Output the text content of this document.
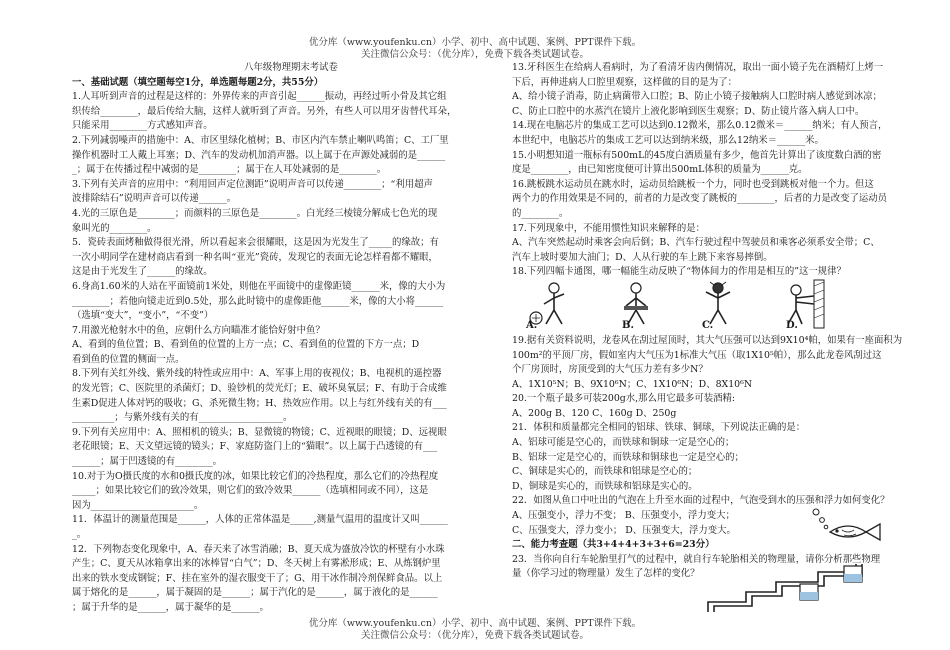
优分库（www.youfenku.cn）小学、初中、高中试题、案例、PPT课件下载。
关注微信公众号：（优分库），免费下载各类试题试卷。

八年级物理期末考试卷

一、基础试题（填空题每空1分，单选题每题2分，共55分）

1.人耳听到声音的过程是这样的：外界传来的声音引起______振动，再经过听小骨及其它组

织传给________，最后传给大脑，这样人就听到了声音。另外，有些人可以用牙齿替代耳朵，

只能采用________方式感知声音。

2.下列减弱噪声的措施中：A、市区里绿化植树；B、市区内汽车禁止喇叭鸣笛；C、工厂里

操作机器时工人戴上耳塞；D、汽车的发动机加消声器。以上属于在声源处减弱的是______

_；属于在传播过程中减弱的是________；属于在人耳处减弱的是________。

3.下列有关声音的应用中：“利用回声定位测距”说明声音可以传递________；“利用超声

波排除结石”说明声音可以传递______。

4.光的三原色是________；而颜料的三原色是________。白光经三棱镜分解成七色光的现

象叫光的________。

5．瓷砖表面烤釉做得很光滑，所以看起来会很耀眼，这是因为光发生了_____的缘故；有

一次小明同学在建材商店看到一种名叫“亚光”瓷砖，发现它的表面无论怎样看都不耀眼，

这是由于光发生了______的缘故。

6.身高1.60米的人站在平面镜前1米处，则他在平面镜中的虚像距镜______米，像的大小为

________；若他向镜走近到0.5处，那么此时镜中的虚像距他______米，像的大小将______

（选填“变大”，“变小”，“不变”）

7.用激光枪射水中的鱼，应朝什么方向瞄准才能恰好射中鱼？

A、看到的鱼位置；B、看到鱼的位置的上方一点；C、看到鱼的位置的下方一点；D

看到鱼的位置的侧面一点。

8.下列有关红外线、紫外线的特性或应用中：A、军事上用的夜视仪；B、电视机的遥控器

的发光管；C、医院里的杀菌灯；D、验钞机的荧光灯；E、破坏臭氧层；F、有助于合成维

生素D促进人体对钙的吸收；G、杀死微生物；H、热效应作用。以上与红外线有关的有___

_________；与紫外线有关的有__________________。

9.下列有关应用中：A、照相机的镜头；B、显微镜的物镜；C、近视眼的眼镜；D、远视眼

老花眼镜；E、天文望远镜的镜头；F、家庭防盗门上的“猫眼”。以上属于凸透镜的有___

______；属于凹透镜的有________。

10.对于为O摄氏度的水和0摄氏度的冰，如果比较它们的冷热程度，那么它们的冷热程度

_____；如果比较它们的致冷效果，则它们的致冷效果______（选填相同或不同），这是

因为______________________。

11．体温计的测量范围是______，人体的正常体温是_____,测量气温用的温度计又叫______

_。

12．下列物态变化现象中，A、春天来了冰雪消融；B、夏天成为盛放冷饮的杯壁有小水珠

产生；C、夏天从冰箱拿出来的冰棒冒“白气”；D、冬天树上有雾凇形成；E、从炼钢炉里

出来的铁水变成钢锭；F、挂在室外的湿衣服变干了；G、用干冰作制冷剂保鲜食品。以上

属于熔化的是______，属于凝固的是______；属于汽化的是______，属于液化的是______

；属于升华的是______，属于凝华的是______。

13.牙科医生在给病人看病时，为了看清牙齿内侧情况，取出一面小镜子先在酒精灯上烤一

下后，再伸进病人口腔里观察，这样做的目的是为了：

A、给小镜子消毒，防止病菌带入口腔；B、防止小镜子接触病人口腔时病人感觉到冰凉；

C、防止口腔中的水蒸汽在镜片上液化影响到医生观察；D、防止镜片落入病人口中。

14.现在电脑芯片的集成工艺可以达到0.12微米，那么0.12微米＝______纳米；有人预言，

本世纪中，电脑芯片的集成工艺可以达到纳米级，那么12纳米＝______米。

15.小明想知道一瓶标有500mL的45度白酒质量有多少，他首先计算出了该度数白酒的密

度是________，由已知密度便可计算出500mL体积的质量为______克。

16.跳板跳水运动员在跳水时，运动员给跳板一个力，同时也受到跳板对他一个力。但这

两个力的作用效果是不同的，前者的力是改变了跳板的________，后者的力是改变了运动员

的________。

17.下列现象中，不能用惯性知识来解释的是：

A、汽车突然起动时乘客会向后倒；B、汽车行驶过程中驾驶员和乘客必须系安全带；C、

汽车上坡时要加大油门；D、人从行驶的车上跳下来容易摔倒。

18.下列四幅卡通图，哪一幅能生动反映了“物体间力的作用是相互的”这一规律？

A.	B.	C.	D.

19.据有关资料说明，龙卷风在刮过屋顶时，其大气压强可以达到9X10⁴帕，如果有一座面积为

100m²的平顶厂房，假如室内大气压为1标准大气压（取1X10⁵帕），那么此龙卷风刮过这

个厂房顶时，房顶受到的大气压力差有多少N？

A、1X10⁵N；B、9X10⁶N；C、1X10⁶N；D、8X10⁶N

20.一个瓶子最多可装200g水,那么用它最多可装酒精:

A、200g B、120 C、160g D、250g

21．体积和质量都完全相同的铝球、铁球、铜球，下列说法正确的是：

A、铝球可能是空心的，而铁球和铜球一定是空心的；

B、铝球一定是空心的，而铁球和铜球也一定是空心的；

C、铜球是实心的，而铁球和铝球是空心的；

D、铜球是实心的，而铁球和铝球是实心的。

22．如图从鱼口中吐出的气泡在上升至水面的过程中，气泡受到水的压强和浮力如何变化？

A、压强变小，浮力不变； B、压强变小，浮力变大；

C、压强变大，浮力变小； D、压强变大，浮力变大。

二、能力考查题（共3+4+4+3+3+6=23分）

23．当你向自行车轮胎里打气的过程中，就自行车轮胎相关的物理量，请你分析那些物理

量（你学习过的物理量）发生了怎样的变化？

优分库（www.youfenku.cn）小学、初中、高中试题、案例、PPT课件下载。
关注微信公众号：（优分库），免费下载各类试题试卷。
